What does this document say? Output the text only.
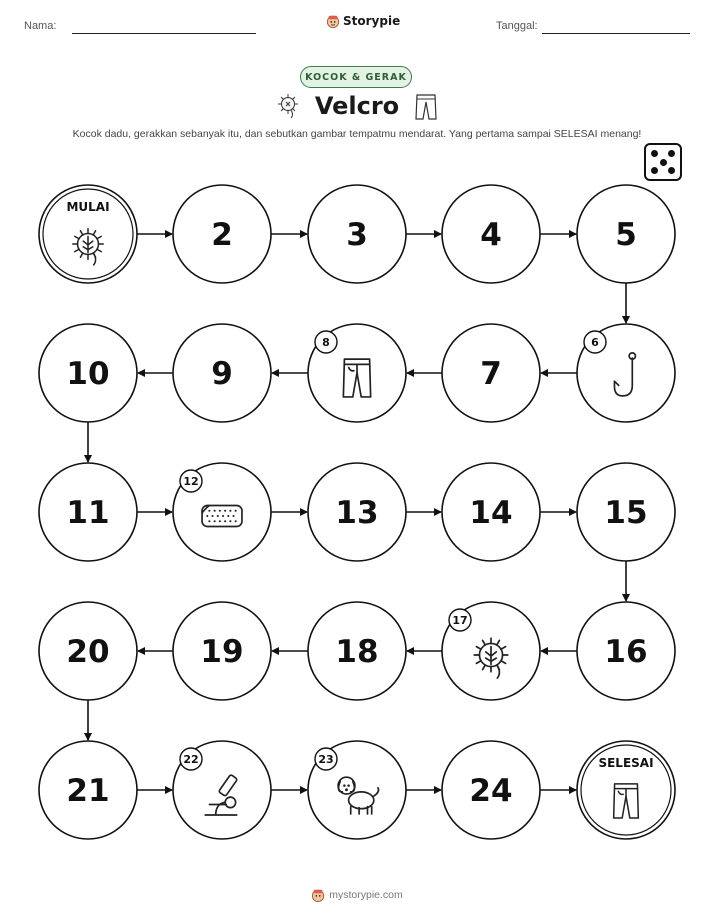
Nama:	Storypie	Tanggal:
KOCOK & GERAK
Velcro
Kocok dadu, gerakkan sebanyak itu, dan sebutkan gambar tempatmu mendarat. Yang pertama sampai SELESAI menang!
MULAI
2	3	4	5
6
7
8
9
10
11
12
13	14	15
16
17
18
19
20
21
22	23
24
SELESAI
mystorypie.com
